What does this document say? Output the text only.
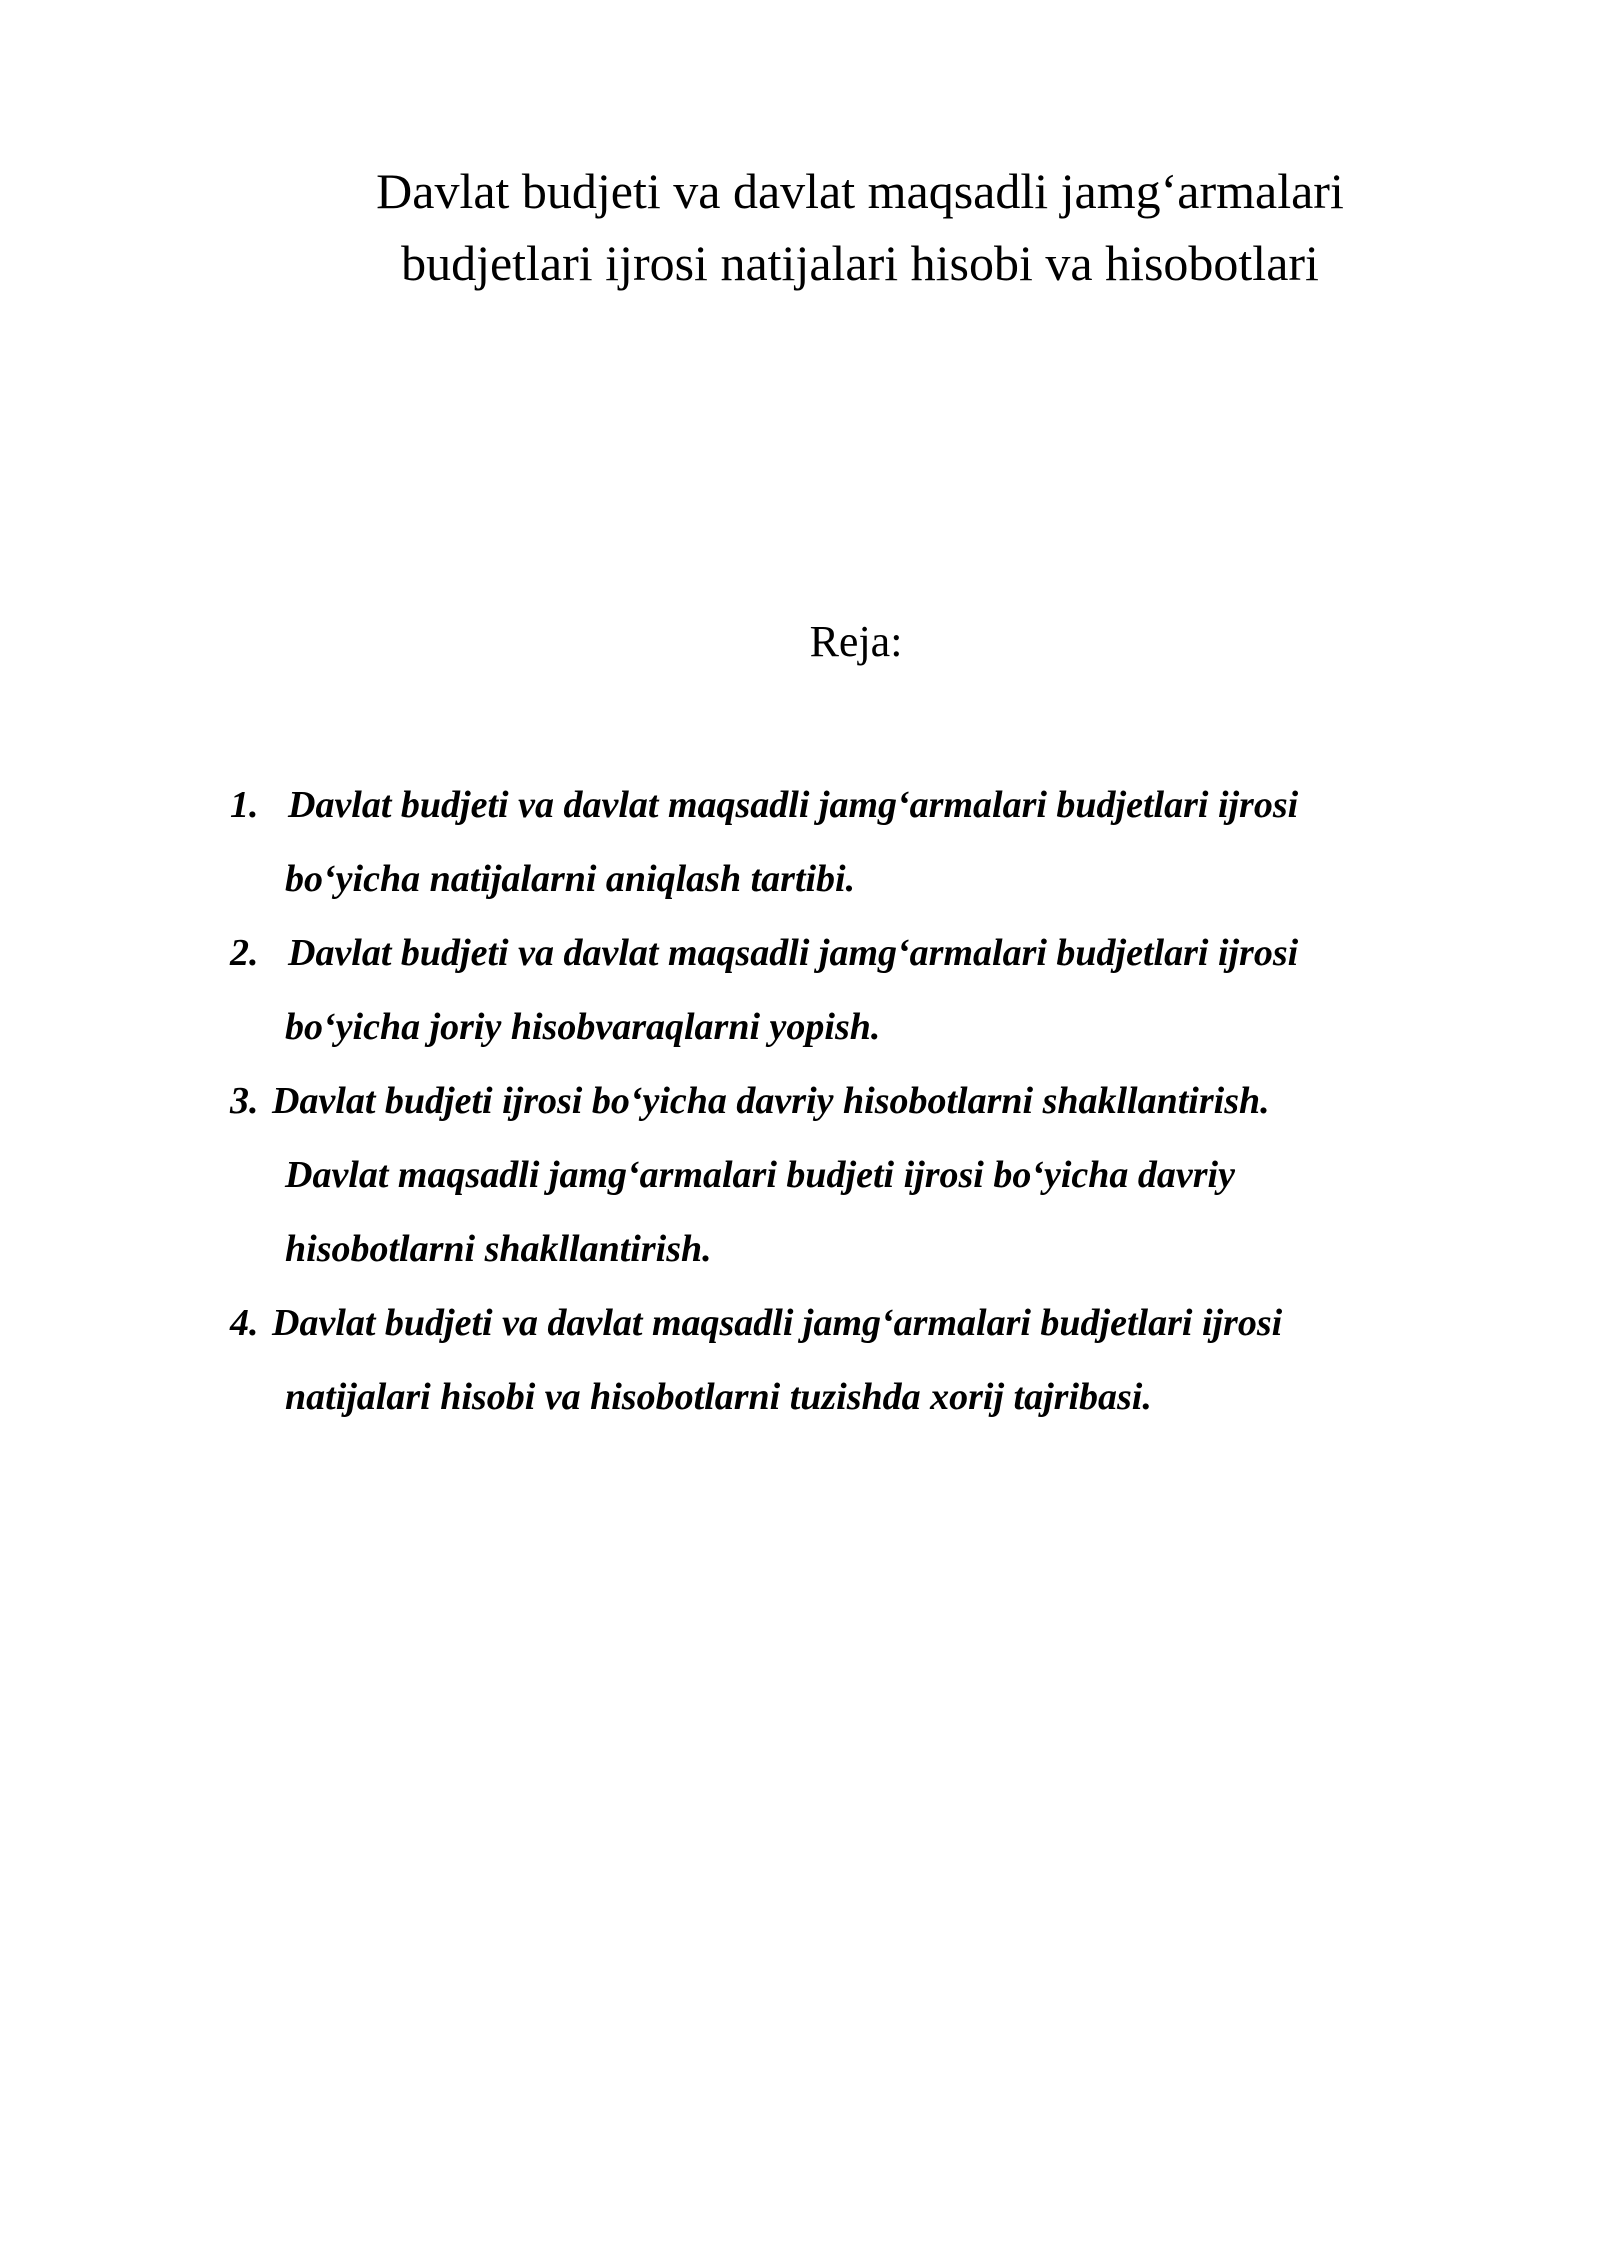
Davlat budjeti va davlat maqsadli jamg‘armalari
budjetlari ijrosi natijalari hisobi va hisobotlari
Reja:
1. Davlat budjeti va davlat maqsadli jamg‘armalari budjetlari ijrosi
bo‘yicha natijalarni aniqlash tartibi.
2. Davlat budjeti va davlat maqsadli jamg‘armalari budjetlari ijrosi
bo‘yicha joriy hisobvaraqlarni yopish.
3. Davlat budjeti ijrosi bo‘yicha davriy hisobotlarni shakllantirish.
Davlat maqsadli jamg‘armalari budjeti ijrosi bo‘yicha davriy
hisobotlarni shakllantirish.
4. Davlat budjeti va davlat maqsadli jamg‘armalari budjetlari ijrosi
natijalari hisobi va hisobotlarni tuzishda xorij tajribasi.
